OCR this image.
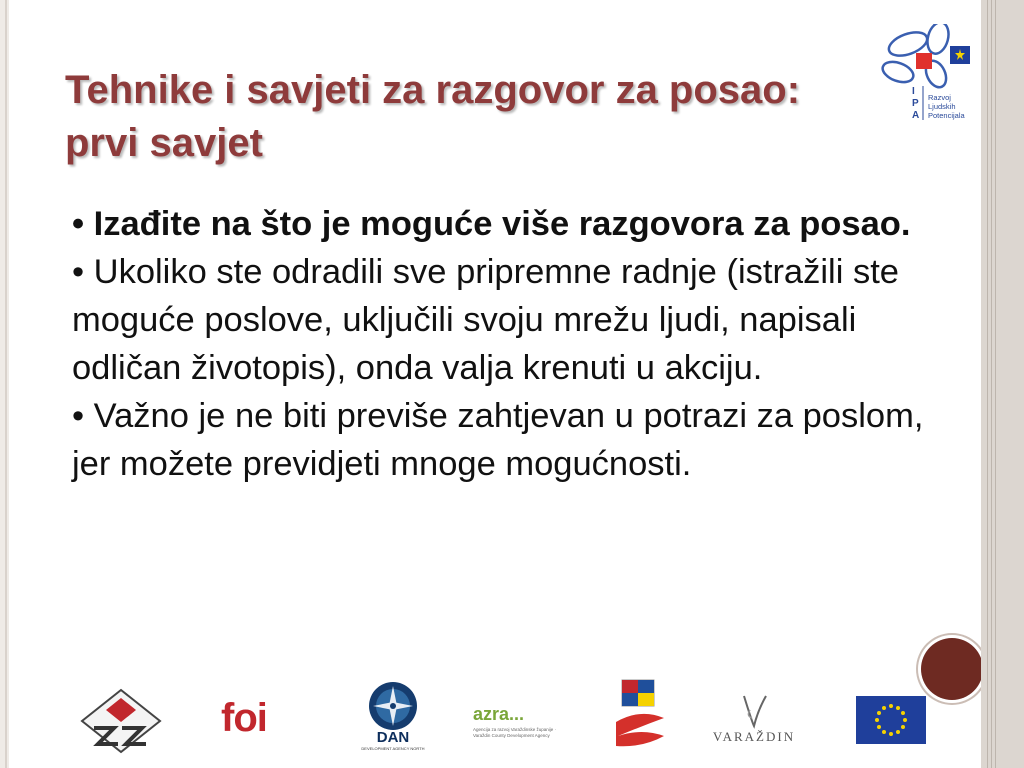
Tehnike i savjeti za razgovor za posao: prvi savjet

• Izađite na što je moguće više razgovora za posao.

• Ukoliko ste odradili sve pripremne radnje (istražili ste moguće poslove, uključili svoju mrežu ljudi, napisali odličan životopis), onda valja krenuti u akciju.

• Važno je ne biti previše zahtjevan u potrazi za poslom, jer možete previdjeti mnoge mogućnosti.

I
P
A
Razvoj
Ljudskih
Potencijala
foi	DAN
DEVELOPMENT AGENCY NORTH
azra...
Agencija za razvoj Varaždinske županije · Varaždin County Development Agency	VARAŽDIN
